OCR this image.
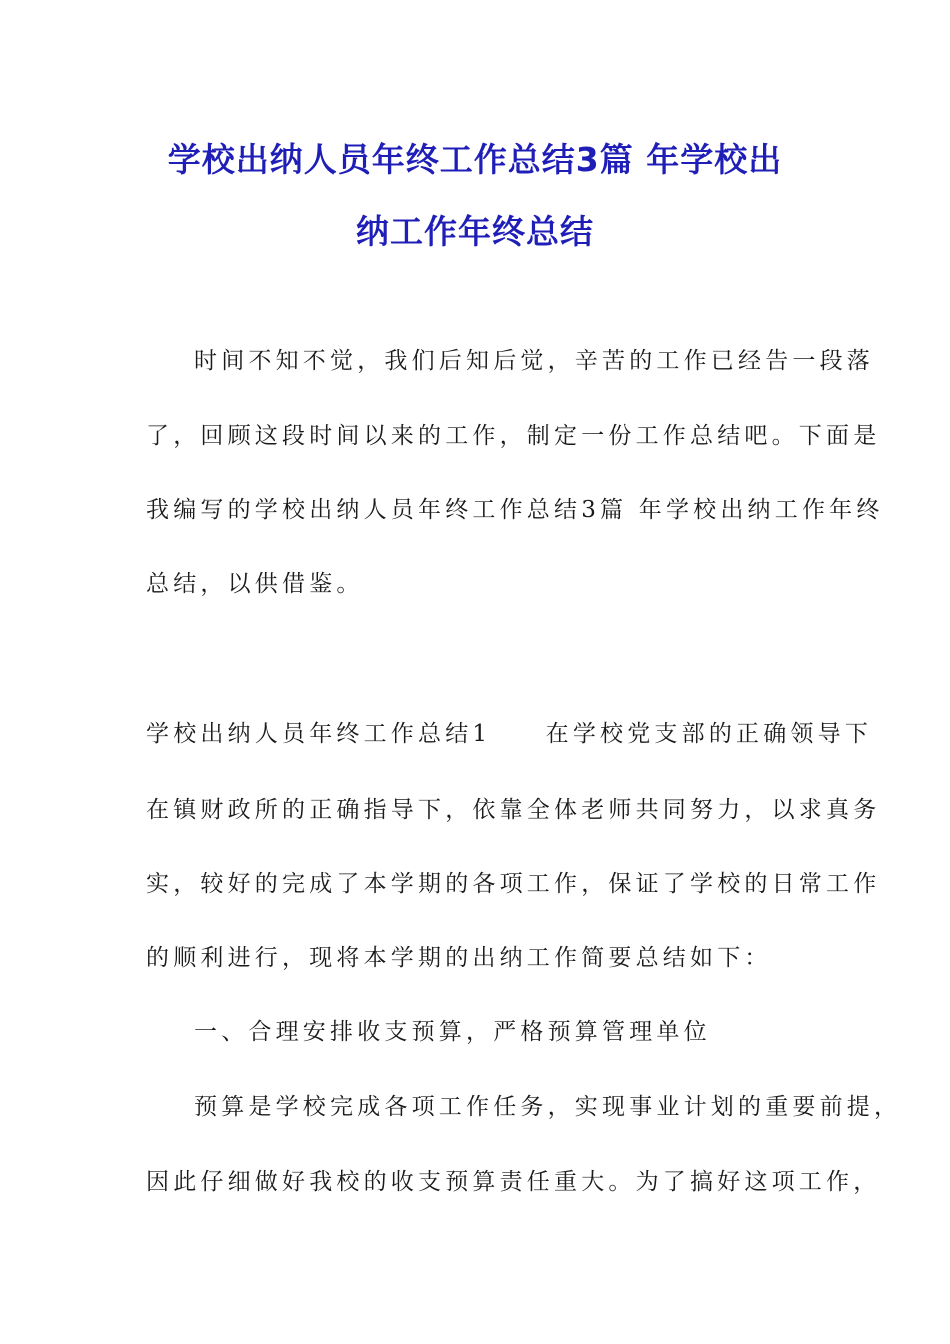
学校出纳人员年终工作总结3篇 年学校出
纳工作年终总结
时间不知不觉，我们后知后觉，辛苦的工作已经告一段落
了，回顾这段时间以来的工作，制定一份工作总结吧。下面是
我编写的学校出纳人员年终工作总结3篇 年学校出纳工作年终
总结，以供借鉴。
学校出纳人员年终工作总结1　　在学校党支部的正确领导下
在镇财政所的正确指导下，依靠全体老师共同努力，以求真务
实，较好的完成了本学期的各项工作，保证了学校的日常工作
的顺利进行，现将本学期的出纳工作简要总结如下：
一、合理安排收支预算，严格预算管理单位
预算是学校完成各项工作任务，实现事业计划的重要前提，
因此仔细做好我校的收支预算责任重大。为了搞好这项工作，
